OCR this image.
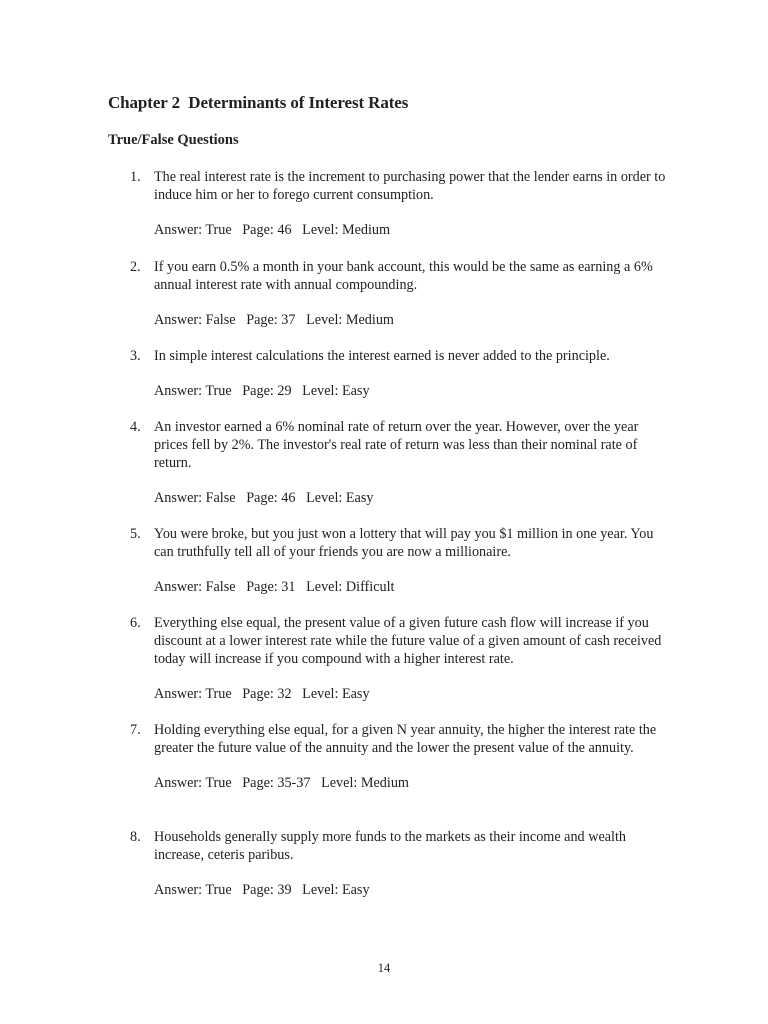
Chapter 2  Determinants of Interest Rates
True/False Questions
1. The real interest rate is the increment to purchasing power that the lender earns in order to induce him or her to forego current consumption.
Answer: True   Page: 46   Level: Medium
2. If you earn 0.5% a month in your bank account, this would be the same as earning a 6% annual interest rate with annual compounding.
Answer: False   Page: 37   Level: Medium
3. In simple interest calculations the interest earned is never added to the principle.
Answer: True   Page: 29   Level: Easy
4. An investor earned a 6% nominal rate of return over the year. However, over the year prices fell by 2%. The investor's real rate of return was less than their nominal rate of return.
Answer: False   Page: 46   Level: Easy
5. You were broke, but you just won a lottery that will pay you $1 million in one year. You can truthfully tell all of your friends you are now a millionaire.
Answer: False   Page: 31   Level: Difficult
6. Everything else equal, the present value of a given future cash flow will increase if you discount at a lower interest rate while the future value of a given amount of cash received today will increase if you compound with a higher interest rate.
Answer: True   Page: 32   Level: Easy
7. Holding everything else equal, for a given N year annuity, the higher the interest rate the greater the future value of the annuity and the lower the present value of the annuity.
Answer: True   Page: 35-37   Level: Medium
8. Households generally supply more funds to the markets as their income and wealth increase, ceteris paribus.
Answer: True   Page: 39   Level: Easy
14
